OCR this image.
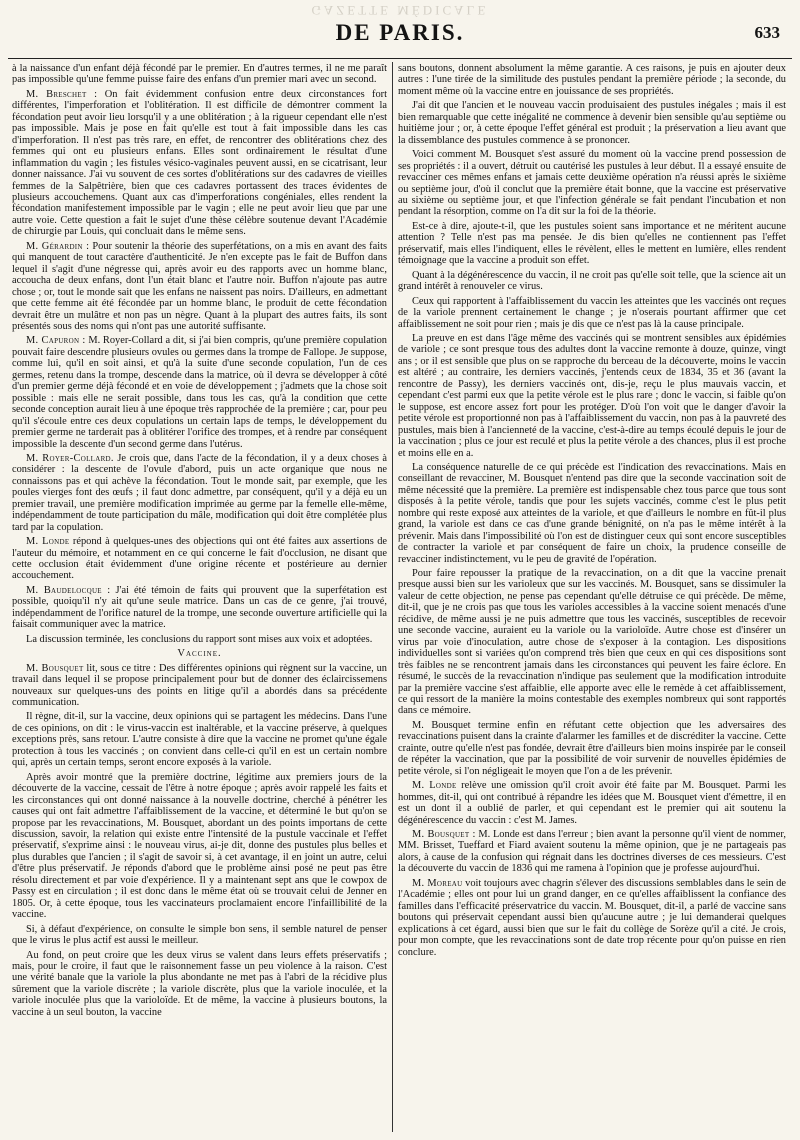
GAZETTE MÉDICALE
DE PARIS.	633

à la naissance d'un enfant déjà fécondé par le premier. En d'autres termes, il ne me paraît pas impossible qu'une femme puisse faire des enfans d'un premier mari avec un second.

M. Breschet : On fait évidemment confusion entre deux circonstances fort différentes, l'imperforation et l'oblitération. Il est difficile de démontrer comment la fécondation peut avoir lieu lorsqu'il y a une oblitération ; à la rigueur cependant elle n'est pas impossible. Mais je pose en fait qu'elle est tout à fait impossible dans les cas d'imperforation. Il n'est pas très rare, en effet, de rencontrer des oblitérations chez des femmes qui ont eu plusieurs enfans. Elles sont ordinairement le résultat d'une inflammation du vagin ; les fistules vésico-vaginales peuvent aussi, en se cicatrisant, leur donner naissance. J'ai vu souvent de ces sortes d'oblitérations sur des cadavres de vieilles femmes de la Salpêtrière, bien que ces cadavres portassent des traces évidentes de plusieurs accouchemens. Quant aux cas d'imperforations congéniales, elles rendent la fécondation manifestement impossible par le vagin ; elle ne peut avoir lieu que par une autre voie. Cette question a fait le sujet d'une thèse célèbre soutenue devant l'Académie de chirurgie par Louis, qui concluait dans le même sens.

M. Gérardin : Pour soutenir la théorie des superfétations, on a mis en avant des faits qui manquent de tout caractère d'authenticité. Je n'en excepte pas le fait de Buffon dans lequel il s'agit d'une négresse qui, après avoir eu des rapports avec un homme blanc, accoucha de deux enfans, dont l'un était blanc et l'autre noir. Buffon n'ajoute pas autre chose ; or, tout le monde sait que les enfans ne naissent pas noirs. D'ailleurs, en admettant que cette femme ait été fécondée par un homme blanc, le produit de cette fécondation devrait être un mulâtre et non pas un nègre. Quant à la plupart des autres faits, ils sont présentés sous des noms qui n'ont pas une autorité suffisante.

M. Capuron : M. Royer-Collard a dit, si j'ai bien compris, qu'une première copulation pouvait faire descendre plusieurs ovules ou germes dans la trompe de Fallope. Je suppose, comme lui, qu'il en soit ainsi, et qu'à la suite d'une seconde copulation, l'un de ces germes, retenu dans la trompe, descende dans la matrice, où il devra se développer à côté d'un premier germe déjà fécondé et en voie de développement ; j'admets que la chose soit possible : mais elle ne serait possible, dans tous les cas, qu'à la condition que cette seconde conception aurait lieu à une époque très rapprochée de la première ; car, pour peu qu'il s'écoule entre ces deux copulations un certain laps de temps, le développement du premier germe ne tarderait pas à oblitérer l'orifice des trompes, et à rendre par conséquent impossible la descente d'un second germe dans l'utérus.

M. Royer-Collard. Je crois que, dans l'acte de la fécondation, il y a deux choses à considérer : la descente de l'ovule d'abord, puis un acte organique que nous ne connaissons pas et qui achève la fécondation. Tout le monde sait, par exemple, que les poules vierges font des œufs ; il faut donc admettre, par conséquent, qu'il y a déjà eu un premier travail, une première modification imprimée au germe par la femelle elle-même, indépendamment de toute participation du mâle, modification qui doit être complétée plus tard par la copulation.

M. Londe répond à quelques-unes des objections qui ont été faites aux assertions de l'auteur du mémoire, et notamment en ce qui concerne le fait d'occlusion, ne disant que cette occlusion était évidemment d'une origine récente et postérieure au dernier accouchement.

M. Baudelocque : J'ai été témoin de faits qui prouvent que la superfétation est possible, quoiqu'il n'y ait qu'une seule matrice. Dans un cas de ce genre, j'ai trouvé, indépendamment de l'orifice naturel de la trompe, une seconde ouverture artificielle qui la faisait communiquer avec la matrice.

La discussion terminée, les conclusions du rapport sont mises aux voix et adoptées.

Vaccine.

M. Bousquet lit, sous ce titre : Des différentes opinions qui règnent sur la vaccine, un travail dans lequel il se propose principalement pour but de donner des éclaircissemens nouveaux sur quelques-uns des points en litige qu'il a abordés dans sa précédente communication.

Il règne, dit-il, sur la vaccine, deux opinions qui se partagent les médecins. Dans l'une de ces opinions, on dit : le virus-vaccin est inaltérable, et la vaccine préserve, à quelques exceptions près, sans retour. L'autre consiste à dire que la vaccine ne promet qu'une égale protection à tous les vaccinés ; on convient dans celle-ci qu'il en est un certain nombre qui, après un certain temps, seront encore exposés à la variole.

Après avoir montré que la première doctrine, légitime aux premiers jours de la découverte de la vaccine, cessait de l'être à notre époque ; après avoir rappelé les faits et les circonstances qui ont donné naissance à la nouvelle doctrine, cherché à pénétrer les causes qui ont fait admettre l'affaiblissement de la vaccine, et déterminé le but qu'on se propose par les revaccinations, M. Bousquet, abordant un des points importans de cette discussion, savoir, la relation qui existe entre l'intensité de la pustule vaccinale et l'effet préservatif, s'exprime ainsi : le nouveau virus, ai-je dit, donne des pustules plus belles et plus durables que l'ancien ; il s'agit de savoir si, à cet avantage, il en joint un autre, celui d'être plus préservatif. Je réponds d'abord que le problème ainsi posé ne peut pas être résolu directement et par voie d'expérience. Il y a maintenant sept ans que le cowpox de Passy est en circulation ; il est donc dans le même état où se trouvait celui de Jenner en 1805. Or, à cette époque, tous les vaccinateurs proclamaient encore l'infaillibilité de la vaccine.

Si, à défaut d'expérience, on consulte le simple bon sens, il semble naturel de penser que le virus le plus actif est aussi le meilleur.

Au fond, on peut croire que les deux virus se valent dans leurs effets préservatifs ; mais, pour le croire, il faut que le raisonnement fasse un peu violence à la raison. C'est une vérité banale que la variole la plus abondante ne met pas à l'abri de la récidive plus sûrement que la variole discrète ; la variole discrète, plus que la variole inoculée, et la variole inoculée plus que la varioloïde. Et de même, la vaccine à plusieurs boutons, la vaccine à un seul bouton, la vaccine

sans boutons, donnent absolument la même garantie. A ces raisons, je puis en ajouter deux autres : l'une tirée de la similitude des pustules pendant la première période ; la seconde, du moment même où la vaccine entre en jouissance de ses propriétés.

J'ai dit que l'ancien et le nouveau vaccin produisaient des pustules inégales ; mais il est bien remarquable que cette inégalité ne commence à devenir bien sensible qu'au septième ou huitième jour ; or, à cette époque l'effet général est produit ; la préservation a lieu avant que la dissemblance des pustules commence à se prononcer.

Voici comment M. Bousquet s'est assuré du moment où la vaccine prend possession de ses propriétés : il a ouvert, détruit ou cautérisé les pustules à leur début. Il a essayé ensuite de revacciner ces mêmes enfans et jamais cette deuxième opération n'a réussi après le sixième ou septième jour, d'où il conclut que la première était bonne, que la vaccine est préservative au sixième ou septième jour, et que l'infection générale se fait pendant l'incubation et non pendant la résorption, comme on l'a dit sur la foi de la théorie.

Est-ce à dire, ajoute-t-il, que les pustules soient sans importance et ne méritent aucune attention ? Telle n'est pas ma pensée. Je dis bien qu'elles ne contiennent pas l'effet préservatif, mais elles l'indiquent, elles le révèlent, elles le mettent en lumière, elles rendent témoignage que la vaccine a produit son effet.

Quant à la dégénérescence du vaccin, il ne croit pas qu'elle soit telle, que la science ait un grand intérêt à renouveler ce virus.

Ceux qui rapportent à l'affaiblissement du vaccin les atteintes que les vaccinés ont reçues de la variole prennent certainement le change ; je n'oserais pourtant affirmer que cet affaiblissement ne soit pour rien ; mais je dis que ce n'est pas là la cause principale.

La preuve en est dans l'âge même des vaccinés qui se montrent sensibles aux épidémies de variole ; ce sont presque tous des adultes dont la vaccine remonte à douze, quinze, vingt ans ; or il est sensible que plus on se rapproche du berceau de la découverte, moins le vaccin est altéré ; au contraire, les derniers vaccinés, j'entends ceux de 1834, 35 et 36 (avant la rencontre de Passy), les derniers vaccinés ont, dis-je, reçu le plus mauvais vaccin, et cependant c'est parmi eux que la petite vérole est le plus rare ; donc le vaccin, si faible qu'on le suppose, est encore assez fort pour les protéger. D'où l'on voit que le danger d'avoir la petite vérole est proportionné non pas à l'affaiblissement du vaccin, non pas à la pauvreté des pustules, mais bien à l'ancienneté de la vaccine, c'est-à-dire au temps écoulé depuis le jour de la vaccination ; plus ce jour est reculé et plus la petite vérole a des chances, plus il est proche et moins elle en a.

La conséquence naturelle de ce qui précède est l'indication des revaccinations. Mais en conseillant de revacciner, M. Bousquet n'entend pas dire que la seconde vaccination soit de même nécessité que la première. La première est indispensable chez tous parce que tous sont disposés à la petite vérole, tandis que pour les sujets vaccinés, comme c'est le plus petit nombre qui reste exposé aux atteintes de la variole, et que d'ailleurs le nombre en fût-il plus grand, la variole est dans ce cas d'une grande bénignité, on n'a pas le même intérêt à la prévenir. Mais dans l'impossibilité où l'on est de distinguer ceux qui sont encore susceptibles de contracter la variole et par conséquent de faire un choix, la prudence conseille de revacciner indistinctement, vu le peu de gravité de l'opération.

Pour faire repousser la pratique de la revaccination, on a dit que la vaccine prenait presque aussi bien sur les varioleux que sur les vaccinés. M. Bousquet, sans se dissimuler la valeur de cette objection, ne pense pas cependant qu'elle détruise ce qui précède. De même, dit-il, que je ne crois pas que tous les varioles accessibles à la vaccine soient menacés d'une récidive, de même aussi je ne puis admettre que tous les vaccinés, susceptibles de recevoir une seconde vaccine, auraient eu la variole ou la varioloïde. Autre chose est d'insérer un virus par voie d'inoculation, autre chose de s'exposer à la contagion. Les dispositions individuelles sont si variées qu'on comprend très bien que ceux en qui ces dispositions sont très faibles ne se rencontrent jamais dans les circonstances qui peuvent les faire éclore. En résumé, le succès de la revaccination n'indique pas seulement que la modification introduite par la première vaccine s'est affaiblie, elle apporte avec elle le remède à cet affaiblissement, ce qui ressort de la manière la moins contestable des exemples nombreux qui sont rapportés dans ce mémoire.

M. Bousquet termine enfin en réfutant cette objection que les adversaires des revaccinations puisent dans la crainte d'alarmer les familles et de discréditer la vaccine. Cette crainte, outre qu'elle n'est pas fondée, devrait être d'ailleurs bien moins inspirée par le conseil de répéter la vaccination, que par la possibilité de voir survenir de nouvelles épidémies de petite vérole, si l'on négligeait le moyen que l'on a de les prévenir.

M. Londe relève une omission qu'il croit avoir été faite par M. Bousquet. Parmi les hommes, dit-il, qui ont contribué à répandre les idées que M. Bousquet vient d'émettre, il en est un dont il a oublié de parler, et qui cependant est le premier qui ait soutenu la dégénérescence du vaccin : c'est M. James.

M. Bousquet : M. Londe est dans l'erreur ; bien avant la personne qu'il vient de nommer, MM. Brisset, Tueffard et Fiard avaient soutenu la même opinion, que je ne partageais pas alors, à cause de la confusion qui régnait dans les doctrines diverses de ces messieurs. C'est la découverte du vaccin de 1836 qui me ramena à l'opinion que je professe aujourd'hui.

M. Moreau voit toujours avec chagrin s'élever des discussions semblables dans le sein de l'Académie ; elles ont pour lui un grand danger, en ce qu'elles affaiblissent la confiance des familles dans l'efficacité préservatrice du vaccin. M. Bousquet, dit-il, a parlé de vaccine sans boutons qui préservait cependant aussi bien qu'aucune autre ; je lui demanderai quelques explications à cet égard, aussi bien que sur le fait du collège de Sorèze qu'il a cité. Je crois, pour mon compte, que les revaccinations sont de date trop récente pour qu'on puisse en rien conclure.
